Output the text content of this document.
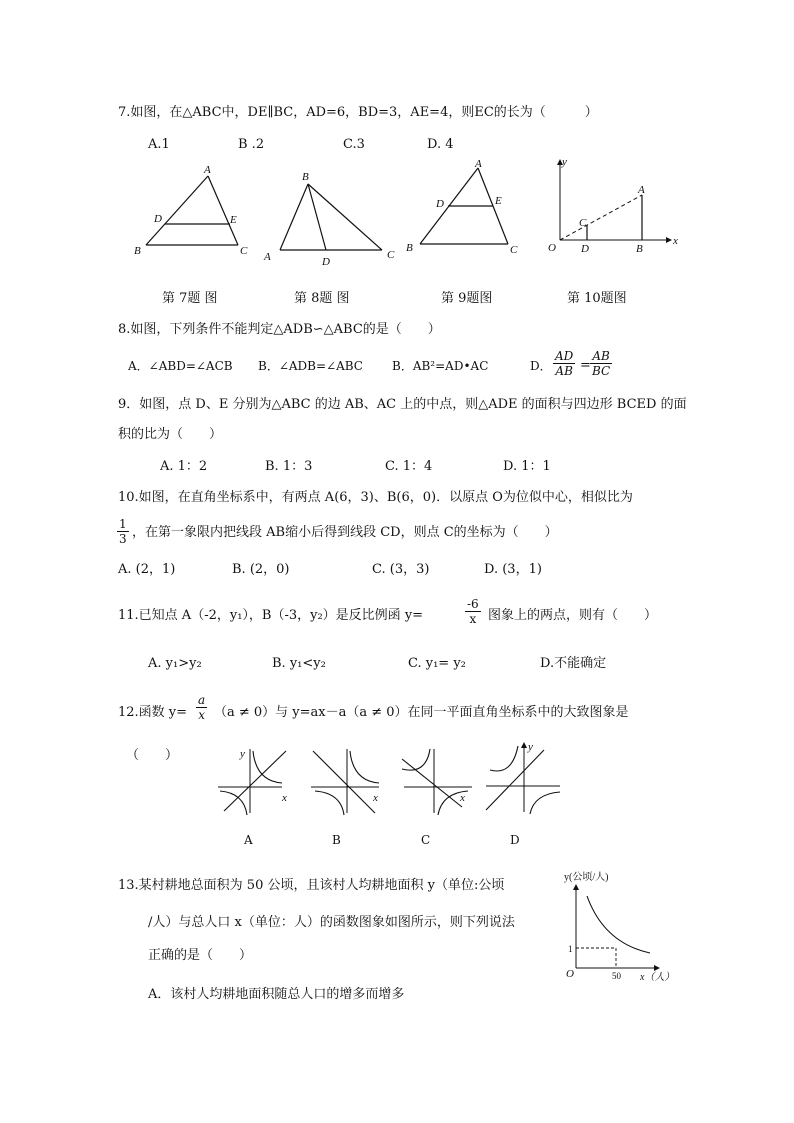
7.如图，在△ABC中，DE∥BC，AD=6，BD=3，AE=4，则EC的长为（　　　）
A.1	B .2	C.3	D. 4
A
D	E
B	C
B
A	D
C
A
D	E
B	C
y
A
C
O D	B
x
第 7题 图	第 8题 图	第 9题图	第 10题图
8.如图，下列条件不能判定△ADB∽△ABC的是（　　）
A．∠ABD=∠ACB B．∠ADB=∠ABC B．AB²=AD•AC	D． $\frac{AD}{AB} = \frac{AB}{BC}$
9．如图，点 D、E 分别为△ABC 的边 AB、AC 上的中点，则△ADE 的面积与四边形 BCED 的面
积的比为（　　）
A. 1：2	B. 1：3	C. 1：4	D. 1：1
10.如图，在直角坐标系中，有两点 A(6，3)、B(6，0)．以原点 O为位似中心，相似比为
$\frac{1}{3}$ ，在第一象限内把线段 AB缩小后得到线段 CD，则点 C的坐标为（　　）
A. (2，1)	B. (2，0)	C. (3，3)	D. (3，1)
11.已知点 A（-2，y₁），B（-3，y₂）是反比例函 y=	$\frac{-6}{x}$ 图象上的两点，则有（　　）
A. y₁>y₂	B. y₁<y₂	C. y₁= y₂	D.不能确定
12.函数 $y= \frac{a}{x} (a \ne 0)$与 y=ax－a（a ≠ 0）在同一平面直角坐标系中的大致图象是
（　　）	y
x	x	x
y
A	B	C	D
13.某村耕地总面积为 50 公顷，且该村人均耕地面积 y（单位:公顷
/人）与总人口 x（单位：人）的函数图象如图所示，则下列说法
正确的是（　　）
A．该村人均耕地面积随总人口的增多而增多
y(公顷/人)
1
O	50 x（人）
